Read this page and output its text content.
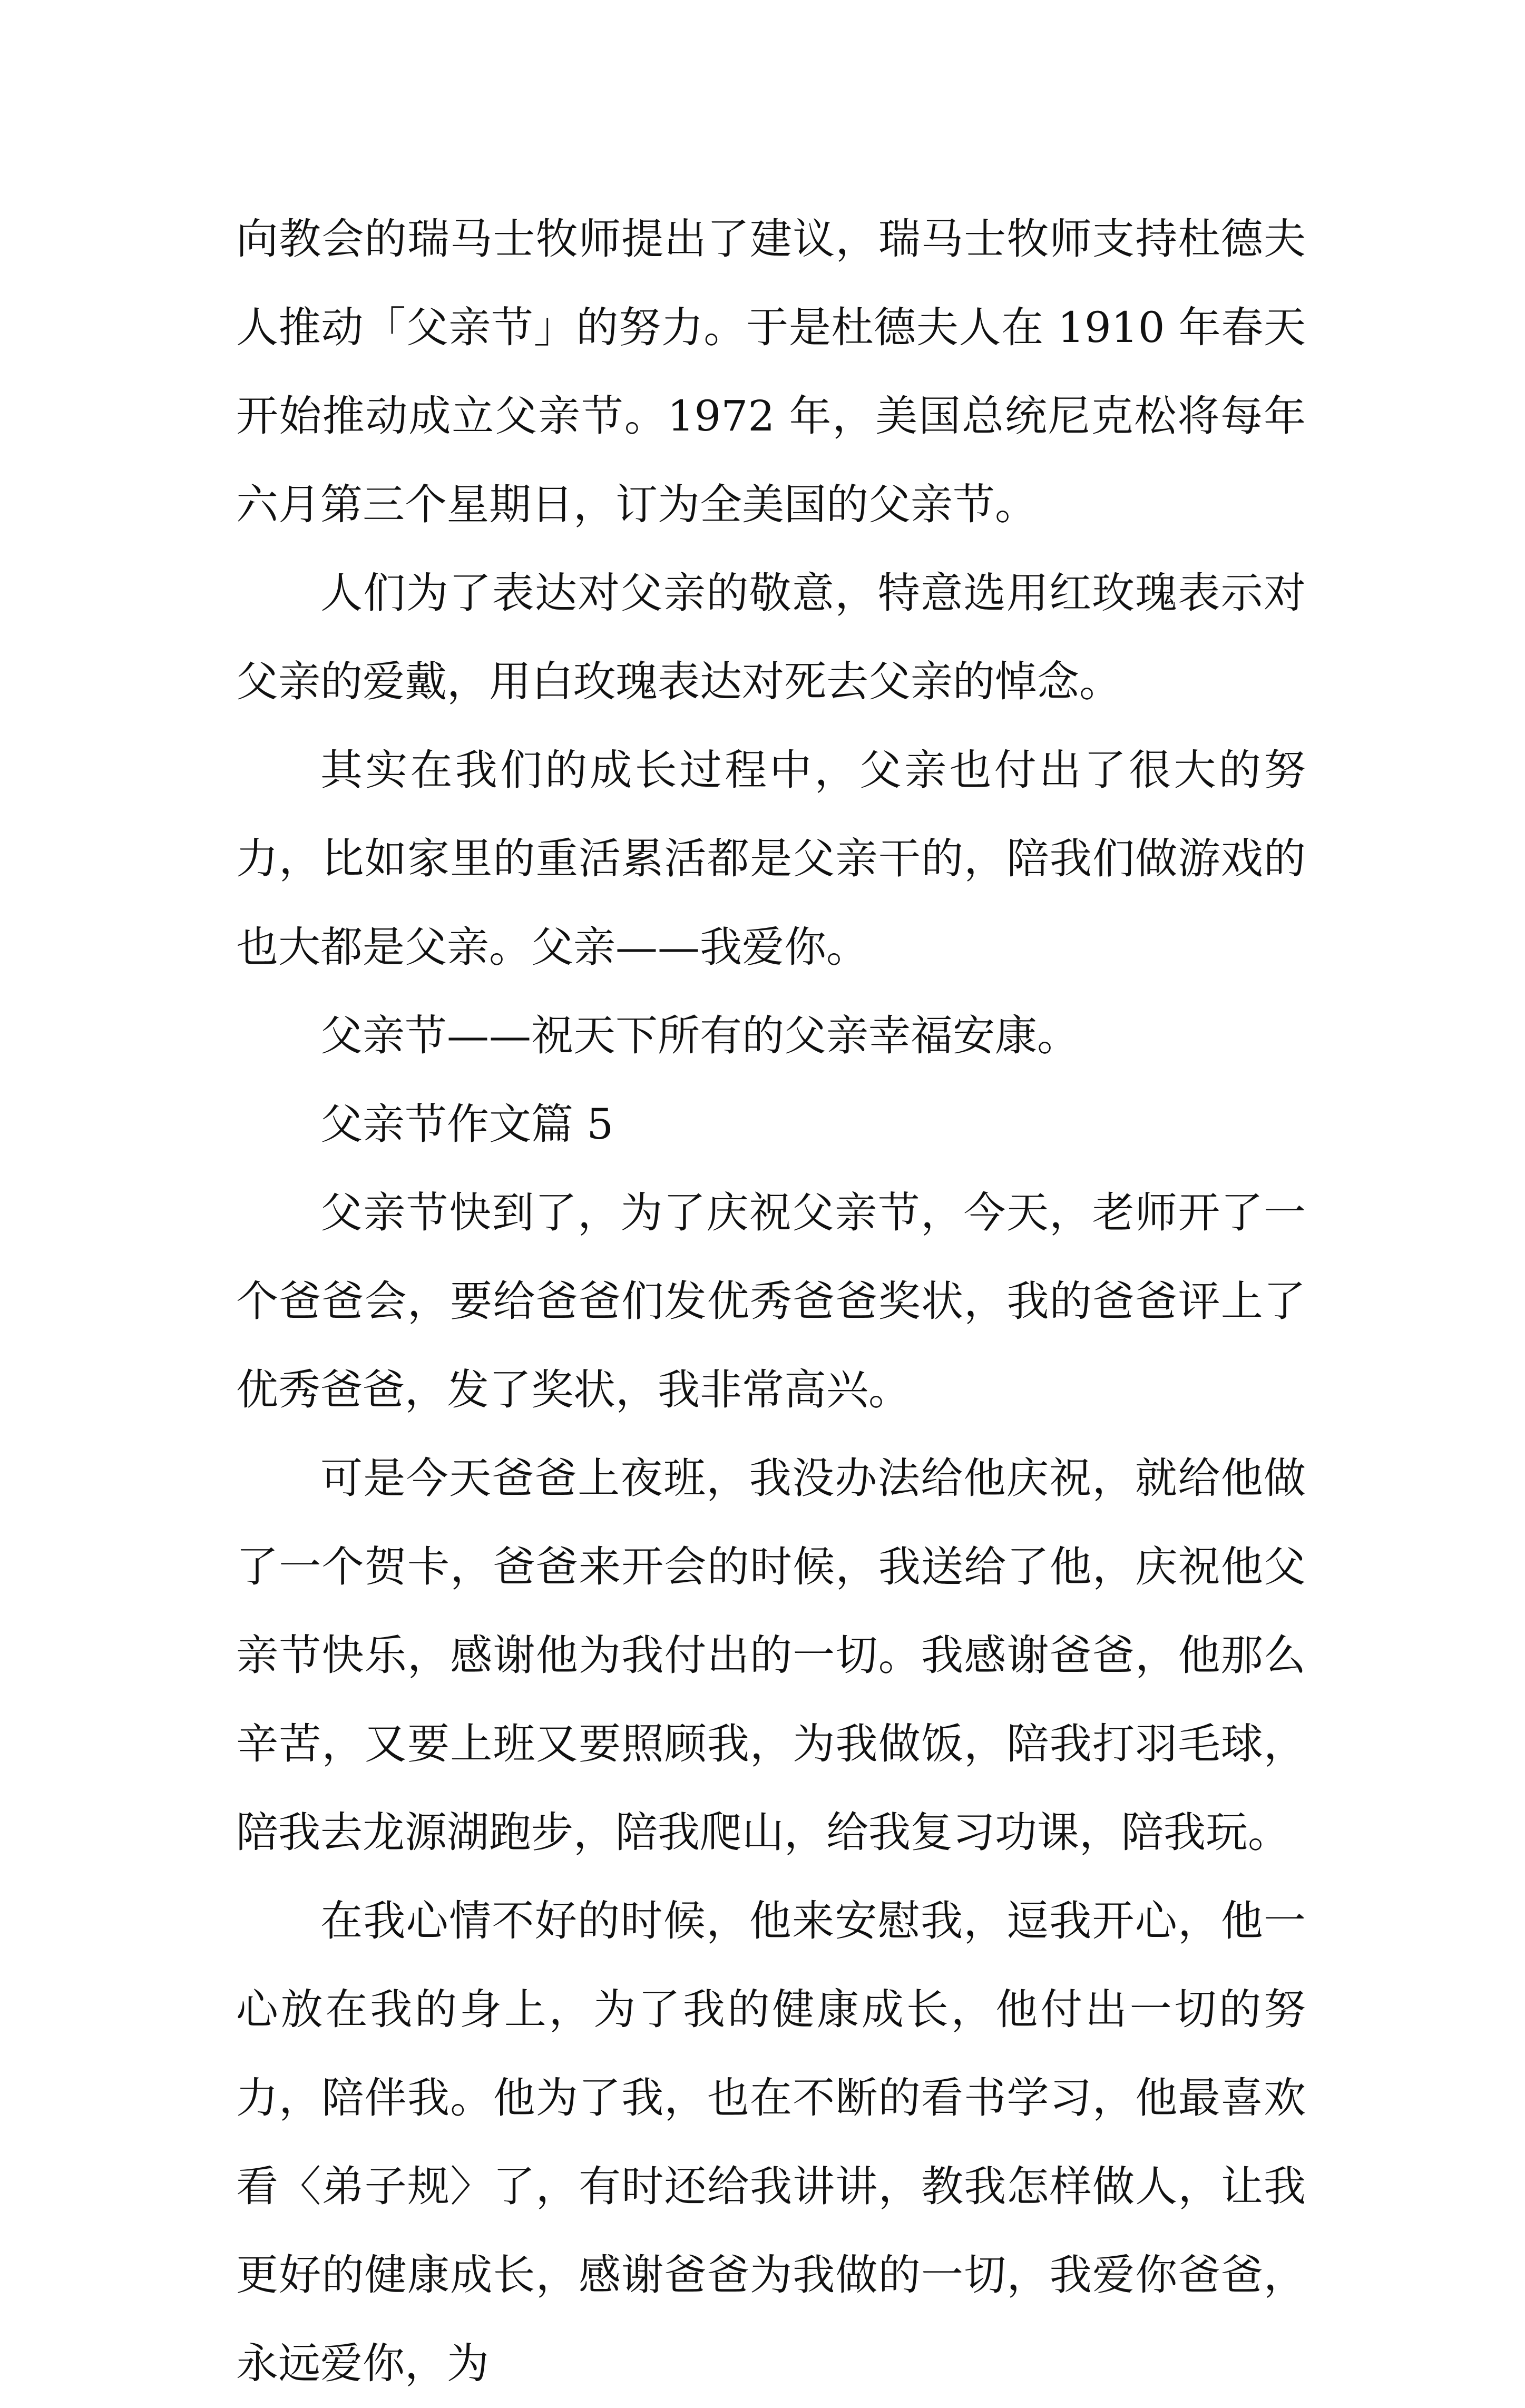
向教会的瑞马士牧师提出了建议，瑞马士牧师支持杜德夫人推动「父亲节」的努力。于是杜德夫人在 1910 年春天开始推动成立父亲节。1972 年，美国总统尼克松将每年六月第三个星期日，订为全美国的父亲节。

人们为了表达对父亲的敬意，特意选用红玫瑰表示对父亲的爱戴，用白玫瑰表达对死去父亲的悼念。

其实在我们的成长过程中，父亲也付出了很大的努力，比如家里的重活累活都是父亲干的，陪我们做游戏的也大都是父亲。父亲——我爱你。

父亲节——祝天下所有的父亲幸福安康。

父亲节作文篇 5

父亲节快到了，为了庆祝父亲节，今天，老师开了一个爸爸会，要给爸爸们发优秀爸爸奖状，我的爸爸评上了优秀爸爸，发了奖状，我非常高兴。

可是今天爸爸上夜班，我没办法给他庆祝，就给他做了一个贺卡，爸爸来开会的时候，我送给了他，庆祝他父亲节快乐，感谢他为我付出的一切。我感谢爸爸，他那么辛苦，又要上班又要照顾我，为我做饭，陪我打羽毛球，陪我去龙源湖跑步，陪我爬山，给我复习功课，陪我玩。

在我心情不好的时候，他来安慰我，逗我开心，他一心放在我的身上，为了我的健康成长，他付出一切的努力，陪伴我。他为了我，也在不断的看书学习，他最喜欢看〈弟子规〉了，有时还给我讲讲，教我怎样做人，让我更好的健康成长，感谢爸爸为我做的一切，我爱你爸爸，永远爱你，为
